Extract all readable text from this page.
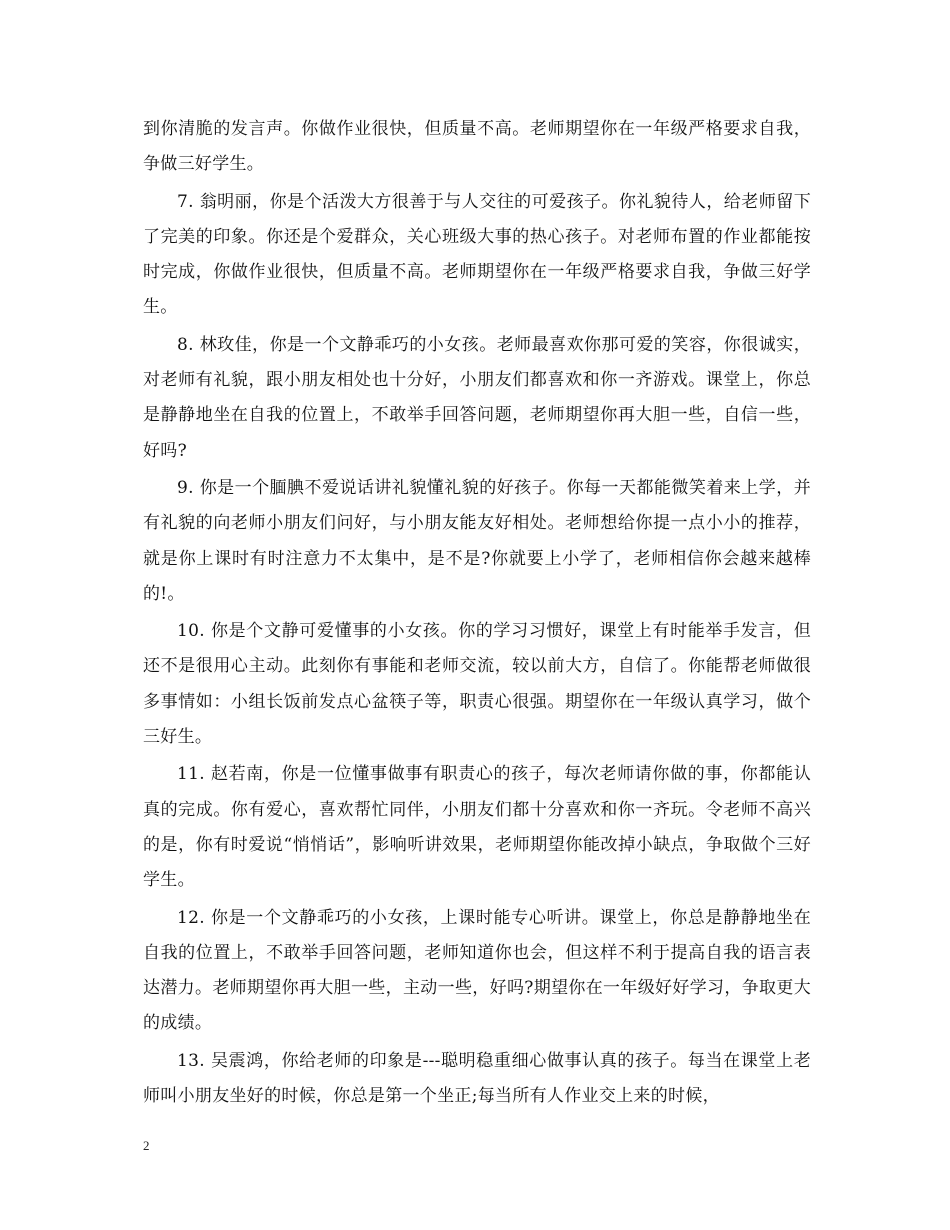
到你清脆的发言声。你做作业很快，但质量不高。老师期望你在一年级严格要求自我，争做三好学生。

7. 翁明丽，你是个活泼大方很善于与人交往的可爱孩子。你礼貌待人，给老师留下了完美的印象。你还是个爱群众，关心班级大事的热心孩子。对老师布置的作业都能按时完成，你做作业很快，但质量不高。老师期望你在一年级严格要求自我，争做三好学生。

8. 林玫佳，你是一个文静乖巧的小女孩。老师最喜欢你那可爱的笑容，你很诚实，对老师有礼貌，跟小朋友相处也十分好，小朋友们都喜欢和你一齐游戏。课堂上，你总是静静地坐在自我的位置上，不敢举手回答问题，老师期望你再大胆一些，自信一些，好吗?

9. 你是一个腼腆不爱说话讲礼貌懂礼貌的好孩子。你每一天都能微笑着来上学，并有礼貌的向老师小朋友们问好，与小朋友能友好相处。老师想给你提一点小小的推荐，就是你上课时有时注意力不太集中，是不是?你就要上小学了，老师相信你会越来越棒的!。

10. 你是个文静可爱懂事的小女孩。你的学习习惯好，课堂上有时能举手发言，但还不是很用心主动。此刻你有事能和老师交流，较以前大方，自信了。你能帮老师做很多事情如：小组长饭前发点心盆筷子等，职责心很强。期望你在一年级认真学习，做个三好生。

11. 赵若南，你是一位懂事做事有职责心的孩子，每次老师请你做的事，你都能认真的完成。你有爱心，喜欢帮忙同伴，小朋友们都十分喜欢和你一齐玩。令老师不高兴的是，你有时爱说“悄悄话”，影响听讲效果，老师期望你能改掉小缺点，争取做个三好学生。

12. 你是一个文静乖巧的小女孩，上课时能专心听讲。课堂上，你总是静静地坐在自我的位置上，不敢举手回答问题，老师知道你也会，但这样不利于提高自我的语言表达潜力。老师期望你再大胆一些，主动一些，好吗?期望你在一年级好好学习，争取更大的成绩。

13. 吴震鸿，你给老师的印象是---聪明稳重细心做事认真的孩子。每当在课堂上老师叫小朋友坐好的时候，你总是第一个坐正;每当所有人作业交上来的时候，

2
